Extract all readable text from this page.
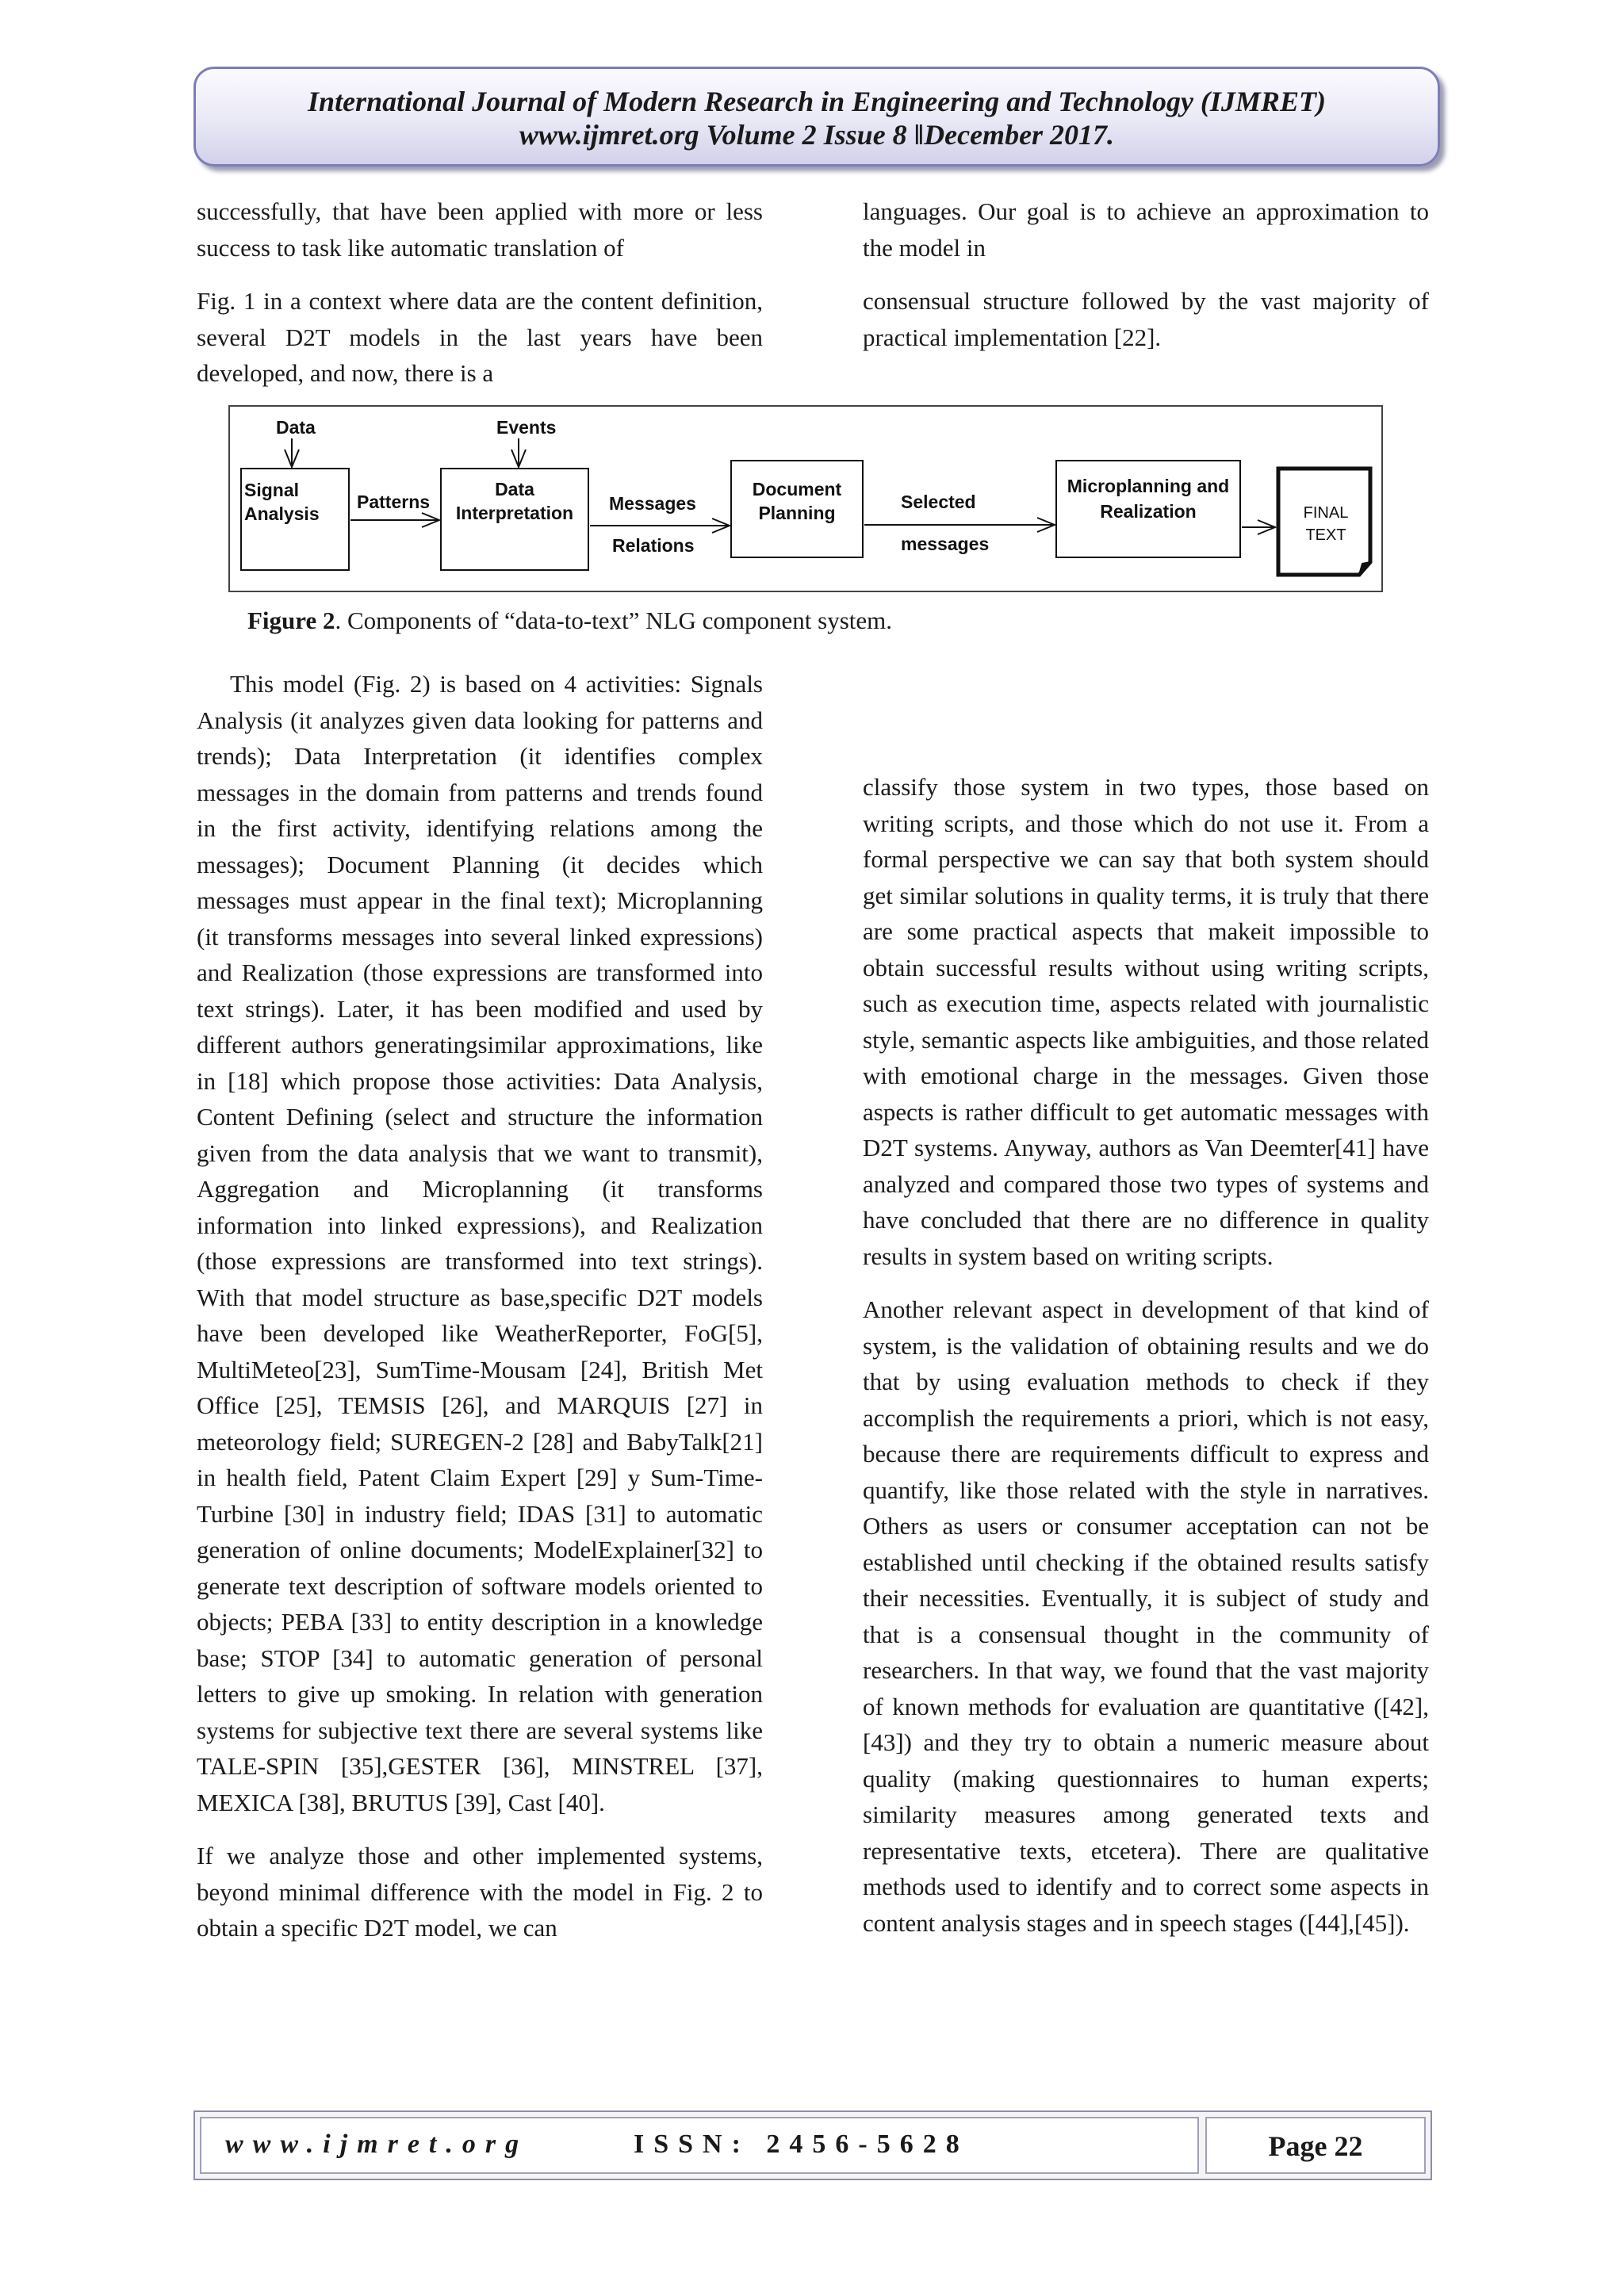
International Journal of Modern Research in Engineering and Technology (IJMRET)
www.ijmret.org Volume 2 Issue 8 ǁDecember 2017.

successfully, that have been applied with more or less success to task like automatic translation of

Fig. 1 in a context where data are the content definition, several D2T models in the last years have been developed, and now, there is a

languages. Our goal is to achieve an approximation to the model in

consensual structure followed by the vast majority of practical implementation [22].

Data	Events
Signal
Analysis
Patterns
Data
Interpretation Messages
Relations
Document
Planning
Selected
messages
Microplanning and
Realization	FINAL
TEXT
Figure 2. Components of “data-to-text” NLG component system.

This model (Fig. 2) is based on 4 activities: Signals Analysis (it analyzes given data looking for patterns and trends); Data Interpretation (it identifies complex messages in the domain from patterns and trends found in the first activity, identifying relations among the messages); Document Planning (it decides which messages must appear in the final text); Microplanning (it transforms messages into several linked expressions) and Realization (those expressions are transformed into text strings). Later, it has been modified and used by different authors generatingsimilar approximations, like in [18] which propose those activities: Data Analysis, Content Defining (select and structure the information given from the data analysis that we want to transmit), Aggregation and Microplanning (it transforms information into linked expressions), and Realization (those expressions are transformed into text strings). With that model structure as base,specific D2T models have been developed like WeatherReporter, FoG[5], MultiMeteo[23], SumTime-Mousam [24], British Met Office [25], TEMSIS [26], and MARQUIS [27] in meteorology field; SUREGEN-2 [28] and BabyTalk[21] in health field, Patent Claim Expert [29] y Sum-Time-Turbine [30] in industry field; IDAS [31] to automatic generation of online documents; ModelExplainer[32] to generate text description of software models oriented to objects; PEBA [33] to entity description in a knowledge base; STOP [34] to automatic generation of personal letters to give up smoking. In relation with generation systems for subjective text there are several systems like TALE-SPIN [35],GESTER [36], MINSTREL [37], MEXICA [38], BRUTUS [39], Cast [40].

If we analyze those and other implemented systems, beyond minimal difference with the model in Fig. 2 to obtain a specific D2T model, we can

classify those system in two types, those based on writing scripts, and those which do not use it. From a formal perspective we can say that both system should get similar solutions in quality terms, it is truly that there are some practical aspects that makeit impossible to obtain successful results without using writing scripts, such as execution time, aspects related with journalistic style, semantic aspects like ambiguities, and those related with emotional charge in the messages. Given those aspects is rather difficult to get automatic messages with D2T systems. Anyway, authors as Van Deemter[41] have analyzed and compared those two types of systems and have concluded that there are no difference in quality results in system based on writing scripts.

Another relevant aspect in development of that kind of system, is the validation of obtaining results and we do that by using evaluation methods to check if they accomplish the requirements a priori, which is not easy, because there are requirements difficult to express and quantify, like those related with the style in narratives. Others as users or consumer acceptation can not be established until checking if the obtained results satisfy their necessities. Eventually, it is subject of study and that is a consensual thought in the community of researchers. In that way, we found that the vast majority of known methods for evaluation are quantitative ([42],[43]) and they try to obtain a numeric measure about quality (making questionnaires to human experts; similarity measures among generated texts and representative texts, etcetera). There are qualitative methods used to identify and to correct some aspects in content analysis stages and in speech stages ([44],[45]).

www.ijmret.org	ISSN: 2456-5628	Page 22
